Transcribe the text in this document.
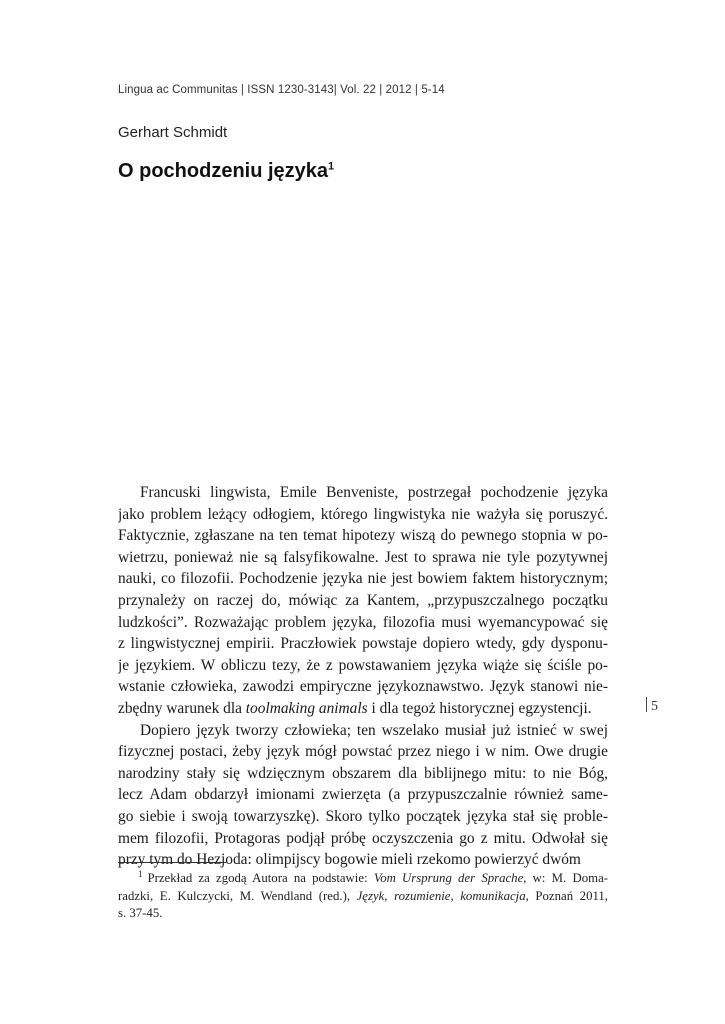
Lingua ac Communitas | ISSN 1230-3143| Vol. 22 | 2012 | 5-14
Gerhart Schmidt
O pochodzeniu języka$^1$
Francuski lingwista, Emile Benveniste, postrzegał pochodzenie języka
jako problem leżący odłogiem, którego lingwistyka nie ważyła się poruszyć.
Faktycznie, zgłaszane na ten temat hipotezy wiszą do pewnego stopnia w po-
wietrzu, ponieważ nie są falsyfikowalne. Jest to sprawa nie tyle pozytywnej
nauki, co filozofii. Pochodzenie języka nie jest bowiem faktem historycznym;
przynależy on raczej do, mówiąc za Kantem, „przypuszczalnego początku
ludzkości”. Rozważając problem języka, filozofia musi wyemancypować się
z lingwistycznej empirii. Praczłowiek powstaje dopiero wtedy, gdy dysponu-
je językiem. W obliczu tezy, że z powstawaniem języka wiąże się ściśle po-
wstanie człowieka, zawodzi empiryczne językoznawstwo. Język stanowi nie-
zbędny warunek dla toolmaking animals i dla tegoż historycznej egzystencji.
Dopiero język tworzy człowieka; ten wszelako musiał już istnieć w swej
fizycznej postaci, żeby język mógł powstać przez niego i w nim. Owe drugie
narodziny stały się wdzięcznym obszarem dla biblijnego mitu: to nie Bóg,
lecz Adam obdarzył imionami zwierzęta (a przypuszczalnie również same-
go siebie i swoją towarzyszkę). Skoro tylko początek języka stał się proble-
mem filozofii, Protagoras podjął próbę oczyszczenia go z mitu. Odwołał się
przy tym do Hezjoda: olimpijscy bogowie mieli rzekomo powierzyć dwóm
5
$^1$ Przekład za zgodą Autora na podstawie: Vom Ursprung der Sprache, w: M. Doma-
radzki, E. Kulczycki, M. Wendland (red.), Język, rozumienie, komunikacja, Poznań 2011,
s. 37-45.
